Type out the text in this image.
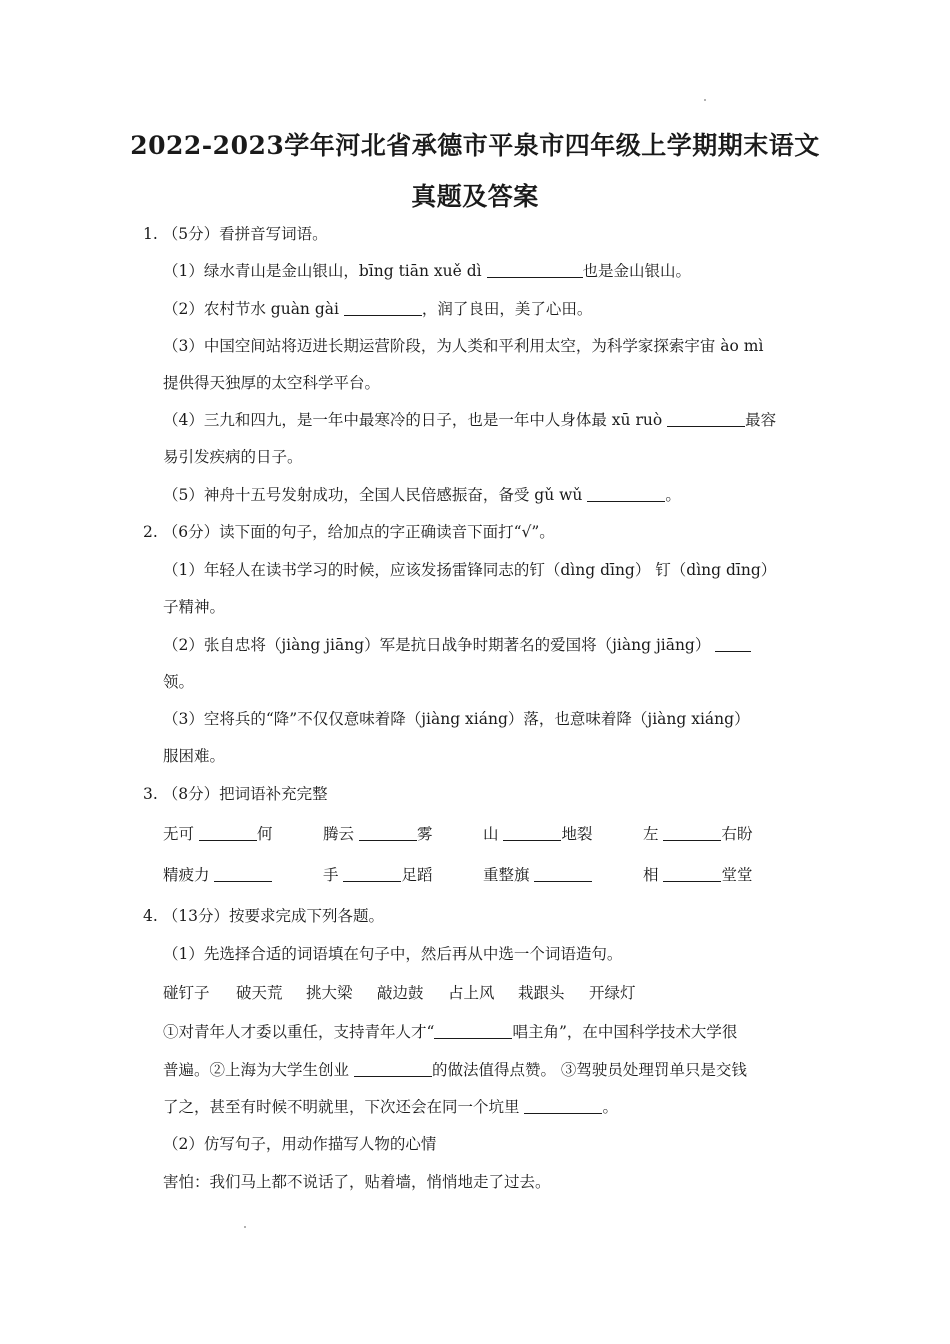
2022-2023学年河北省承德市平泉市四年级上学期期末语文
真题及答案
1. （5分）看拼音写词语。
（1）绿水青山是金山银山，bīng tiān xuě dì	也是金山银山。
（2）农村节水 guàn gài	，润了良田，美了心田。
（3）中国空间站将迈进长期运营阶段，为人类和平利用太空，为科学家探索宇宙 ào mì
提供得天独厚的太空科学平台。
（4）三九和四九，是一年中最寒冷的日子，也是一年中人身体最 xū ruò	最容
易引发疾病的日子。
（5）神舟十五号发射成功，全国人民倍感振奋，备受 gǔ wǔ	。
2. （6分）读下面的句子，给加点的字正确读音下面打“√”。
（1）年轻人在读书学习的时候，应该发扬雷锋同志的钉（dìng dīng） 钉（dìng dīng）
子精神。
（2）张自忠将（jiàng jiāng）军是抗日战争时期著名的爱国将（jiàng jiāng）
领。
（3）空将兵的“降”不仅仅意味着降（jiàng xiáng）落，也意味着降（jiàng xiáng）
服困难。
3. （8分）把词语补充完整
无可	何	腾云	雾	山	地裂	左	右盼
精疲力	手	足蹈	重整旗	相	堂堂
4. （13分）按要求完成下列各题。
（1）先选择合适的词语填在句子中，然后再从中选一个词语造句。
碰钉子 破天荒 挑大梁 敲边鼓 占上风 栽跟头 开绿灯
①对青年人才委以重任，支持青年人才“	唱主角”，在中国科学技术大学很
普遍。②上海为大学生创业	的做法值得点赞。 ③驾驶员处理罚单只是交钱
了之，甚至有时候不明就里，下次还会在同一个坑里	。
（2）仿写句子，用动作描写人物的心情
害怕：我们马上都不说话了，贴着墙，悄悄地走了过去。
